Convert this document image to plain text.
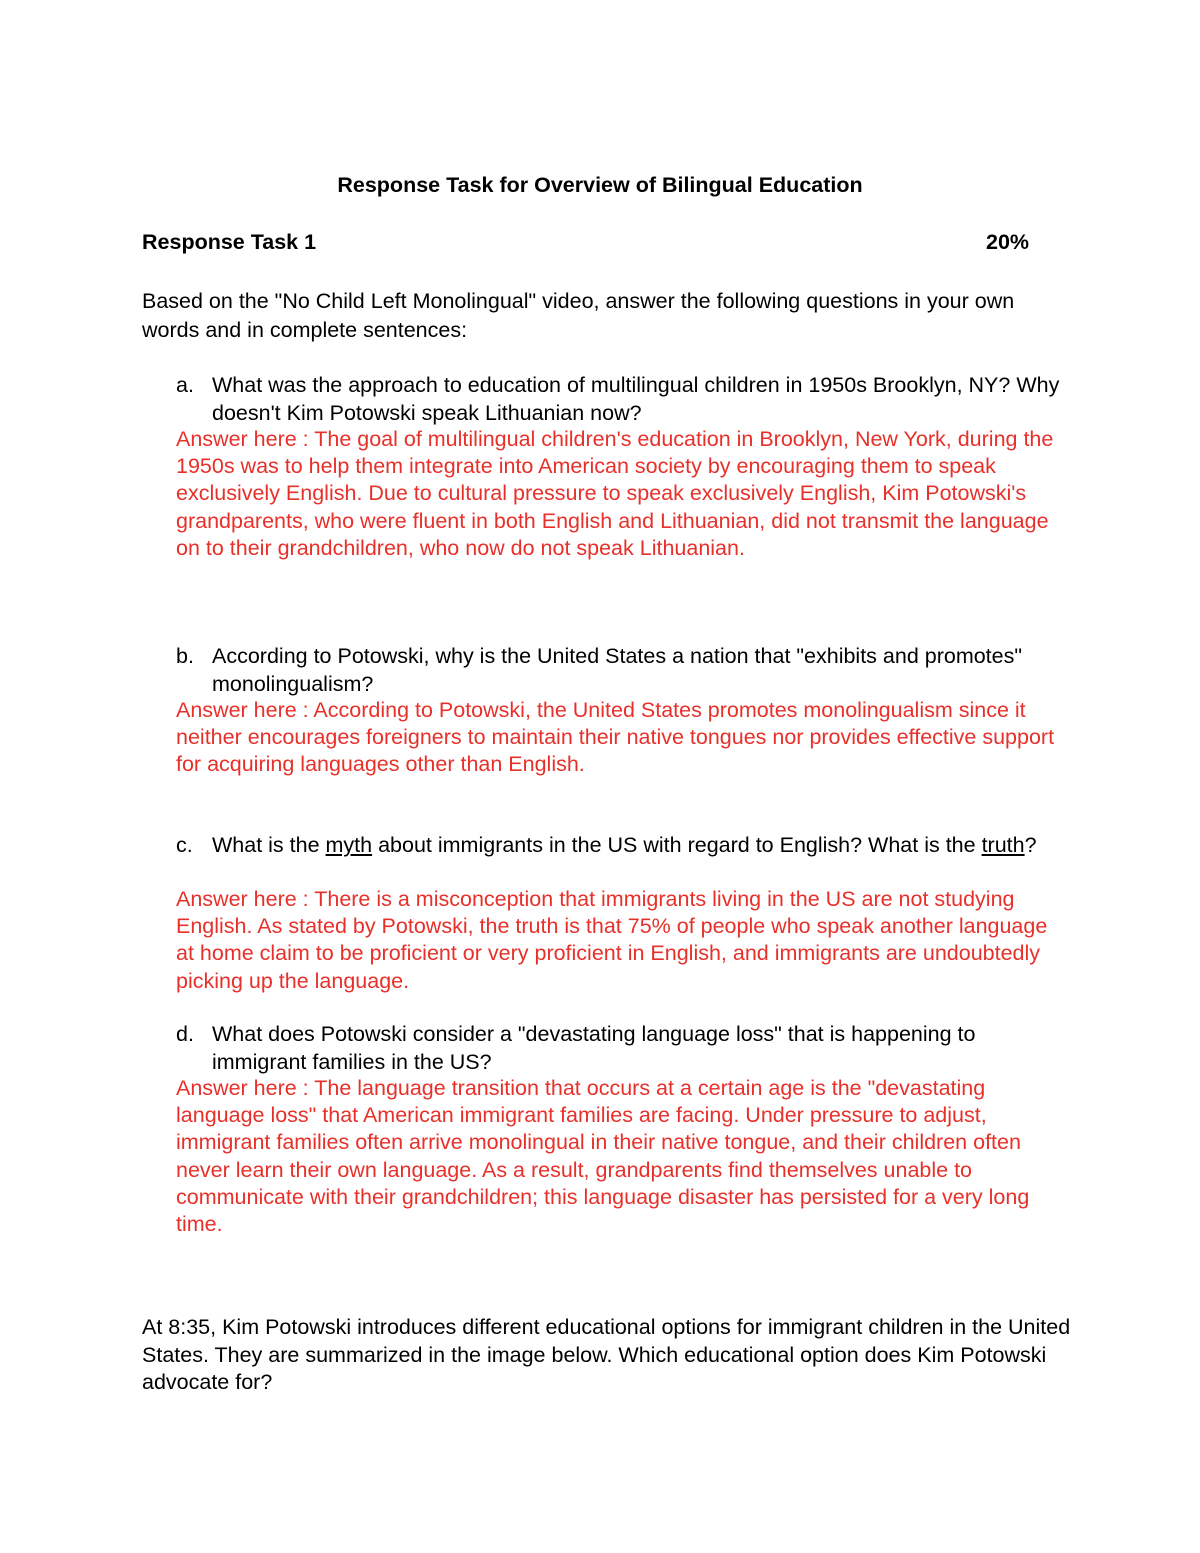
Response Task for Overview of Bilingual Education
Response Task 1	20%
Based on the "No Child Left Monolingual" video, answer the following questions in your own words and in complete sentences:
a. What was the approach to education of multilingual children in 1950s Brooklyn, NY? Why doesn't Kim Potowski speak Lithuanian now?
Answer here : The goal of multilingual children's education in Brooklyn, New York, during the 1950s was to help them integrate into American society by encouraging them to speak exclusively English. Due to cultural pressure to speak exclusively English, Kim Potowski's grandparents, who were fluent in both English and Lithuanian, did not transmit the language on to their grandchildren, who now do not speak Lithuanian.
b. According to Potowski, why is the United States a nation that "exhibits and promotes" monolingualism?
Answer here : According to Potowski, the United States promotes monolingualism since it neither encourages foreigners to maintain their native tongues nor provides effective support for acquiring languages other than English.
c. What is the myth about immigrants in the US with regard to English? What is the truth?
Answer here : There is a misconception that immigrants living in the US are not studying English. As stated by Potowski, the truth is that 75% of people who speak another language at home claim to be proficient or very proficient in English, and immigrants are undoubtedly picking up the language.
d. What does Potowski consider a "devastating language loss" that is happening to immigrant families in the US?
Answer here : The language transition that occurs at a certain age is the "devastating language loss" that American immigrant families are facing. Under pressure to adjust, immigrant families often arrive monolingual in their native tongue, and their children often never learn their own language. As a result, grandparents find themselves unable to communicate with their grandchildren; this language disaster has persisted for a very long time.
At 8:35, Kim Potowski introduces different educational options for immigrant children in the United States. They are summarized in the image below. Which educational option does Kim Potowski advocate for?
